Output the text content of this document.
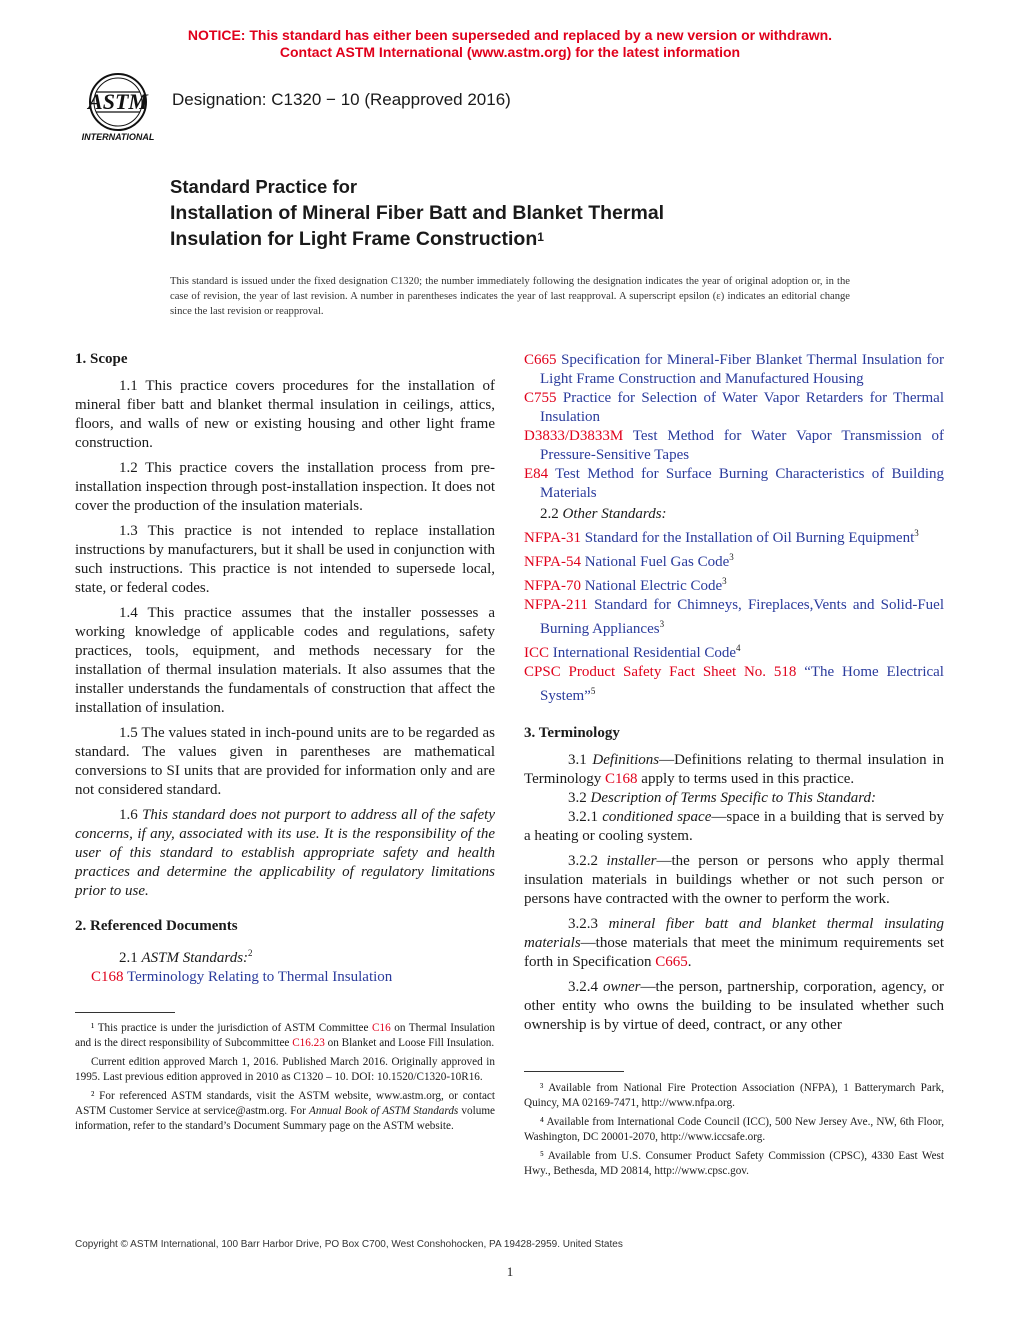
NOTICE: This standard has either been superseded and replaced by a new version or withdrawn.
Contact ASTM International (www.astm.org) for the latest information
ASTM
INTERNATIONAL
Designation: C1320 − 10 (Reapproved 2016)
Standard Practice for
Installation of Mineral Fiber Batt and Blanket Thermal
Insulation for Light Frame Construction$^1$
This standard is issued under the fixed designation C1320; the number immediately following the designation indicates the year of original adoption or, in the case of revision, the year of last revision. A number in parentheses indicates the year of last reapproval. A superscript epsilon (ε) indicates an editorial change since the last revision or reapproval.
1. Scope

1.1 This practice covers procedures for the installation of mineral fiber batt and blanket thermal insulation in ceilings, attics, floors, and walls of new or existing housing and other light frame construction.

1.2 This practice covers the installation process from pre-installation inspection through post-installation inspection. It does not cover the production of the insulation materials.

1.3 This practice is not intended to replace installation instructions by manufacturers, but it shall be used in conjunction with such instructions. This practice is not intended to supersede local, state, or federal codes.

1.4 This practice assumes that the installer possesses a working knowledge of applicable codes and regulations, safety practices, tools, equipment, and methods necessary for the installation of thermal insulation materials. It also assumes that the installer understands the fundamentals of construction that affect the installation of insulation.

1.5 The values stated in inch-pound units are to be regarded as standard. The values given in parentheses are mathematical conversions to SI units that are provided for information only and are not considered standard.

1.6 This standard does not purport to address all of the safety concerns, if any, associated with its use. It is the responsibility of the user of this standard to establish appropriate safety and health practices and determine the applicability of regulatory limitations prior to use.

2. Referenced Documents

2.1 ASTM Standards:$^2$

C168 Terminology Relating to Thermal Insulation
C665 Specification for Mineral-Fiber Blanket Thermal Insulation for Light Frame Construction and Manufactured Housing
C755 Practice for Selection of Water Vapor Retarders for Thermal Insulation
D3833/D3833M Test Method for Water Vapor Transmission of Pressure-Sensitive Tapes
E84 Test Method for Surface Burning Characteristics of Building Materials

2.2 Other Standards:

NFPA-31 Standard for the Installation of Oil Burning Equipment$^3$
NFPA-54 National Fuel Gas Code$^3$
NFPA-70 National Electric Code$^3$
NFPA-211 Standard for Chimneys, Fireplaces,Vents and Solid-Fuel Burning Appliances$^3$
ICC International Residential Code$^4$
CPSC Product Safety Fact Sheet No. 518 “The Home Electrical System”$^5$
3. Terminology

3.1 Definitions—Definitions relating to thermal insulation in Terminology C168 apply to terms used in this practice.

3.2 Description of Terms Specific to This Standard:

3.2.1 conditioned space—space in a building that is served by a heating or cooling system.

3.2.2 installer—the person or persons who apply thermal insulation materials in buildings whether or not such person or persons have contracted with the owner to perform the work.

3.2.3 mineral fiber batt and blanket thermal insulating materials—those materials that meet the minimum requirements set forth in Specification C665.

3.2.4 owner—the person, partnership, corporation, agency, or other entity who owns the building to be insulated whether such ownership is by virtue of deed, contract, or any other

¹ This practice is under the jurisdiction of ASTM Committee C16 on Thermal Insulation and is the direct responsibility of Subcommittee C16.23 on Blanket and Loose Fill Insulation.

Current edition approved March 1, 2016. Published March 2016. Originally approved in 1995. Last previous edition approved in 2010 as C1320 – 10. DOI: 10.1520/C1320-10R16.

² For referenced ASTM standards, visit the ASTM website, www.astm.org, or contact ASTM Customer Service at service@astm.org. For Annual Book of ASTM Standards volume information, refer to the standard’s Document Summary page on the ASTM website.

³ Available from National Fire Protection Association (NFPA), 1 Batterymarch Park, Quincy, MA 02169-7471, http://www.nfpa.org.

⁴ Available from International Code Council (ICC), 500 New Jersey Ave., NW, 6th Floor, Washington, DC 20001-2070, http://www.iccsafe.org.

⁵ Available from U.S. Consumer Product Safety Commission (CPSC), 4330 East West Hwy., Bethesda, MD 20814, http://www.cpsc.gov.

Copyright © ASTM International, 100 Barr Harbor Drive, PO Box C700, West Conshohocken, PA 19428-2959. United States
1
